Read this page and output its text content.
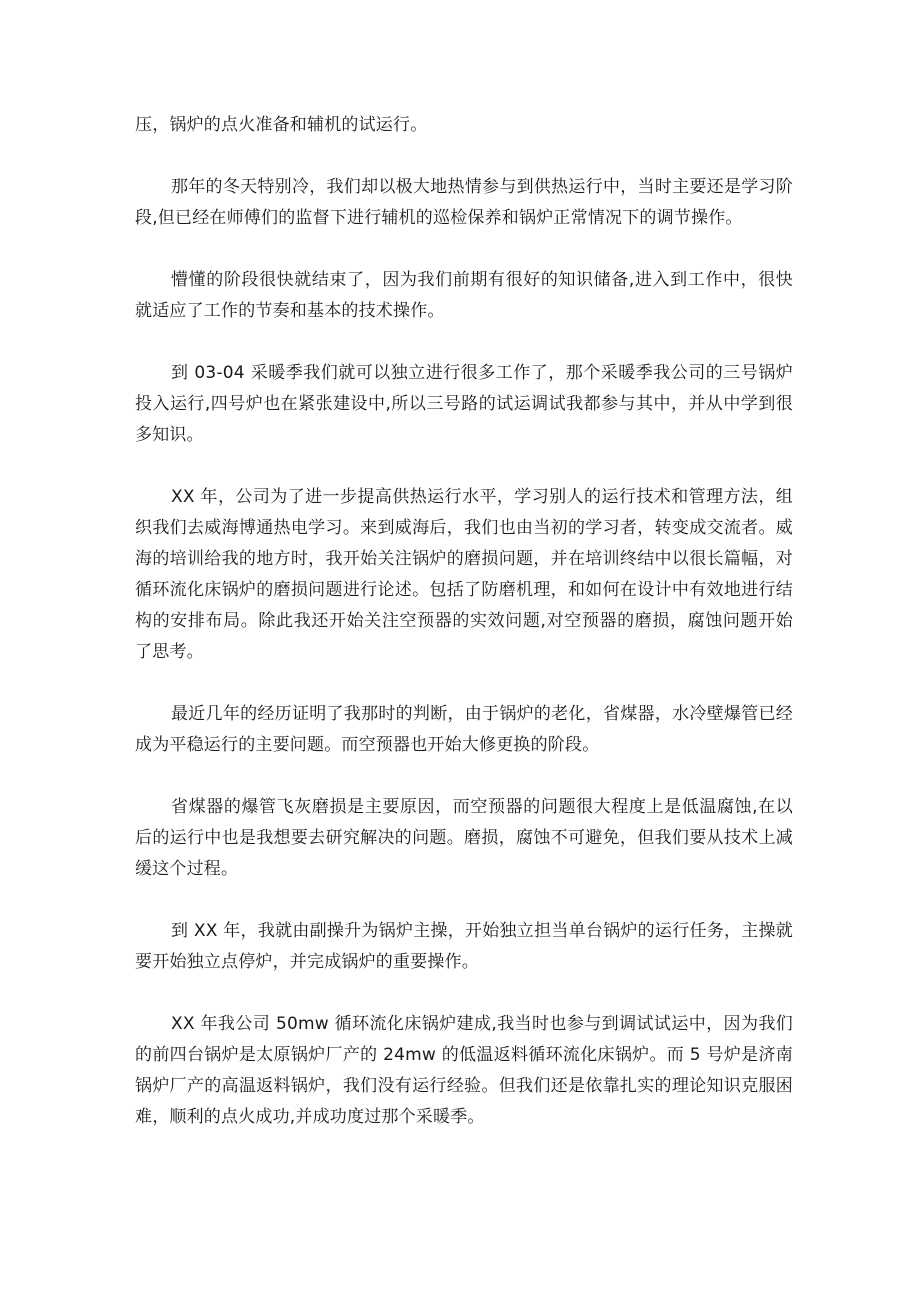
压，锅炉的点火准备和辅机的试运行。

那年的冬天特别冷，我们却以极大地热情参与到供热运行中，当时主要还是学习阶段,但已经在师傅们的监督下进行辅机的巡检保养和锅炉正常情况下的调节操作。

懵懂的阶段很快就结束了，因为我们前期有很好的知识储备,进入到工作中，很快就适应了工作的节奏和基本的技术操作。

到 03-04 采暖季我们就可以独立进行很多工作了，那个采暖季我公司的三号锅炉投入运行,四号炉也在紧张建设中,所以三号路的试运调试我都参与其中，并从中学到很多知识。

XX 年，公司为了进一步提高供热运行水平，学习别人的运行技术和管理方法，组织我们去威海博通热电学习。来到威海后，我们也由当初的学习者，转变成交流者。威海的培训给我的地方时，我开始关注锅炉的磨损问题，并在培训终结中以很长篇幅，对循环流化床锅炉的磨损问题进行论述。包括了防磨机理，和如何在设计中有效地进行结构的安排布局。除此我还开始关注空预器的实效问题,对空预器的磨损，腐蚀问题开始了思考。

最近几年的经历证明了我那时的判断，由于锅炉的老化，省煤器，水冷壁爆管已经成为平稳运行的主要问题。而空预器也开始大修更换的阶段。

省煤器的爆管飞灰磨损是主要原因，而空预器的问题很大程度上是低温腐蚀,在以后的运行中也是我想要去研究解决的问题。磨损，腐蚀不可避免，但我们要从技术上减缓这个过程。

到 XX 年，我就由副操升为锅炉主操，开始独立担当单台锅炉的运行任务，主操就要开始独立点停炉，并完成锅炉的重要操作。

XX 年我公司 50mw 循环流化床锅炉建成,我当时也参与到调试试运中，因为我们的前四台锅炉是太原锅炉厂产的 24mw 的低温返料循环流化床锅炉。而 5 号炉是济南锅炉厂产的高温返料锅炉，我们没有运行经验。但我们还是依靠扎实的理论知识克服困难，顺利的点火成功,并成功度过那个采暖季。
